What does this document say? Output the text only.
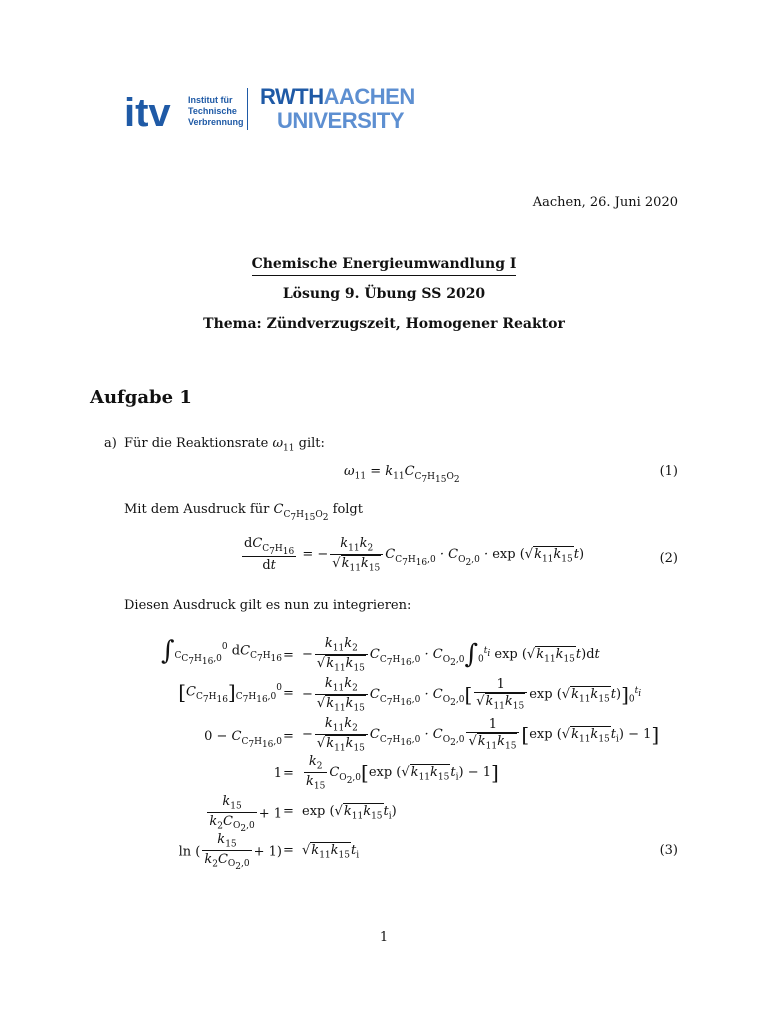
itv Institut für
Technische
Verbrennung
RWTHAACHEN
UNIVERSITY
Aachen, 26. Juni 2020
Chemische Energieumwandlung I
Lösung 9. Übung SS 2020
Thema: Zündverzugszeit, Homogener Reaktor
Aufgabe 1
a) Für die Reaktionsrate $\omega_{11}$ gilt:
$\omega_{11} = k_{11}C_{C_7H_{15}O_2}$
(1)
Mit dem Ausdruck für $C_{C_7H_{15}O_2}$ folgt
$\frac{dC_{C_7H_{16}}}{dt}$ = − $\frac{k_{11}k_2}{√k_{11}k_{15}} C_{C_7H_{16},0} \cdot C_{O_2,0} \cdot \exp (√k_{11}k_{15}t)$	(2)
Diesen Ausdruck gilt es nun zu integrieren:
$\int_{C_{C_7H_{16},0}}^0$ $dC_{C_7H_{16}}$ = − $\frac{k_{11}k_2}{√k_{11}k_{15}} C_{C_7H_{16},0} \cdot C_{O_2,0}\int_0^{t_i}$ $\exp (√k_{11}k_{15}t)dt$
$[C_{C_7H_{16}}]_{C_7H_{16},0}^0$ = − $\frac{k_{11}k_2}{√k_{11}k_{15}} C_{C_7H_{16},0} \cdot C_{O_2,0}[ \frac{1}{√k_{11}k_{15}}$ $\exp (√k_{11}k_{15}t)]_0^{t_i}$
$0 - C_{C_7H_{16},0}$ = − $\frac{k_{11}k_2}{√k_{11}k_{15}} C_{C_7H_{16},0} \cdot C_{O_2,0} \frac{1}{√k_{11}k_{15}} [\exp$ $(√k_{11}k_{15}t_i) - 1$]
$1 = \frac{k_2}{k_{15}} C_{O_2,0}[\exp$ $(√k_{11}k_{15}t_i) - 1$]
$\frac{k_{15}}{k_2C_{O_2,0}} + 1 = \exp (√k_{11}k_{15}t_i)$
ln ( $\frac{k_{15}}{k_2C_{O_2,0}} + 1) = √k_{11}k_{15}t_i$	(3)
1
